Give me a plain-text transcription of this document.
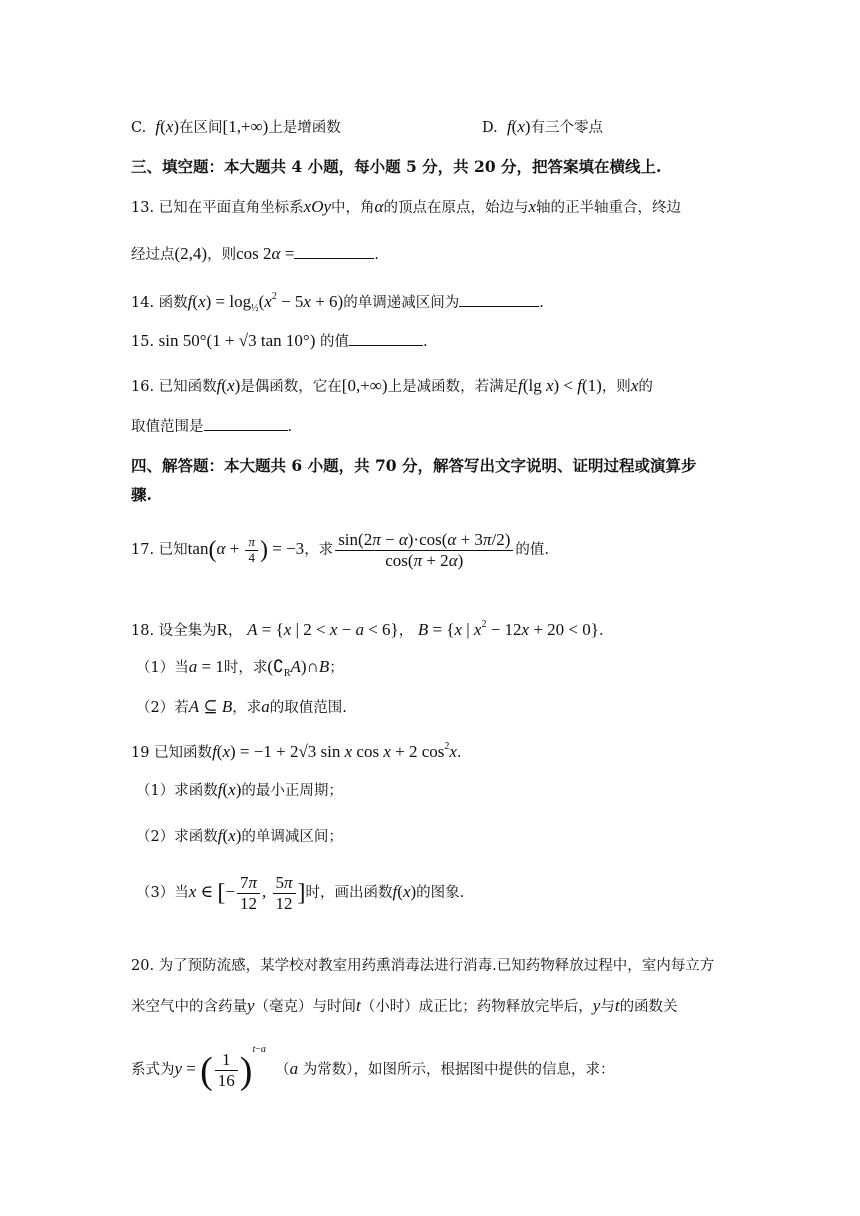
C. f(x)在区间[1,+∞)上是增函数	D. f(x)有三个零点
三、填空题：本大题共 4 小题，每小题 5 分，共 20 分，把答案填在横线上.
13. 已知在平面直角坐标系xOy中，角α的顶点在原点，始边与x轴的正半轴重合，终边
经过点(2,4)，则cos 2α =	.
14. 函数$f(x) = \log_{\frac{1}{2}}(x^2 - 5x + 6)$的单调递减区间为	.
15. sin 50°(1 + √3 tan 10°) 的值	.
16. 已知函数f(x)是偶函数，它在[0,+∞)上是减函数，若满足f(lg x) < f(1)，则x的
取值范围是	.
四、解答题：本大题共 6 小题，共 70 分，解答写出文字说明、证明过程或演算步
骤.
17. 已知$\tan(\alpha + \frac{\pi}{4}$ ) = −3，求 $\frac{\sin(2\pi - \alpha)\cdot\cos(\alpha + 3\pi/2)}{\cos(\pi + 2\alpha)}$ 的值.
18. 设全集为R， A = {x | 2 < x − a < 6}， B = {x | $x^2 - 12x + 20 < 0$}.
（1）当a = 1时，求$(∁_RA)\cap B$；
（2）若A ⊆ B，求a的取值范围.
19 已知函数f(x) = −1 + 2√3 sin x cos x + 2 $\cos^2x$.
（1）求函数f(x)的最小正周期；
（2）求函数f(x)的单调减区间；
（3）当x ∈ [− $\frac{7\pi}{12}$ , $\frac{5\pi}{12}$ ]时，画出函数f(x)的图象.
20. 为了预防流感，某学校对教室用药熏消毒法进行消毒.已知药物释放过程中，室内每立方
米空气中的含药量y（毫克）与时间t（小时）成正比；药物释放完毕后，y与t的函数关
系式为y = ( $\frac{1}{16} )^{t-a}$  （a 为常数），如图所示，根据图中提供的信息，求：
